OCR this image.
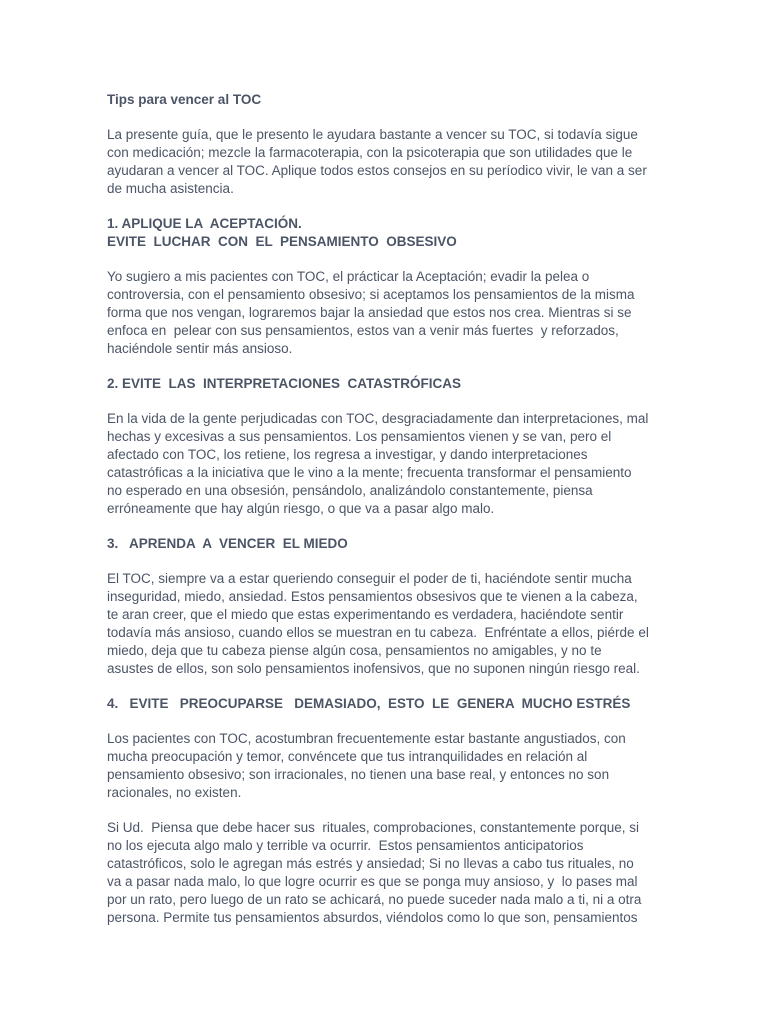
Tips para vencer al TOC
La presente guía, que le presento le ayudara bastante a vencer su TOC, si todavía sigue
con medicación; mezcle la farmacoterapia, con la psicoterapia que son utilidades que le
ayudaran a vencer al TOC. Aplique todos estos consejos en su períodico vivir, le van a ser
de mucha asistencia.
1. APLIQUE LA  ACEPTACIÓN.
EVITE  LUCHAR  CON  EL  PENSAMIENTO  OBSESIVO
Yo sugiero a mis pacientes con TOC, el prácticar la Aceptación; evadir la pelea o
controversia, con el pensamiento obsesivo; si aceptamos los pensamientos de la misma
forma que nos vengan, lograremos bajar la ansiedad que estos nos crea. Mientras si se
enfoca en  pelear con sus pensamientos, estos van a venir más fuertes  y reforzados,
haciéndole sentir más ansioso.
2. EVITE  LAS  INTERPRETACIONES  CATASTRÓFICAS
En la vida de la gente perjudicadas con TOC, desgraciadamente dan interpretaciones, mal
hechas y excesivas a sus pensamientos. Los pensamientos vienen y se van, pero el
afectado con TOC, los retiene, los regresa a investigar, y dando interpretaciones
catastróficas a la iniciativa que le vino a la mente; frecuenta transformar el pensamiento
no esperado en una obsesión, pensándolo, analizándolo constantemente, piensa
erróneamente que hay algún riesgo, o que va a pasar algo malo.
3.   APRENDA  A  VENCER  EL MIEDO
El TOC, siempre va a estar queriendo conseguir el poder de ti, haciéndote sentir mucha
inseguridad, miedo, ansiedad. Estos pensamientos obsesivos que te vienen a la cabeza,
te aran creer, que el miedo que estas experimentando es verdadera, haciéndote sentir
todavía más ansioso, cuando ellos se muestran en tu cabeza.  Enfréntate a ellos, piérde el
miedo, deja que tu cabeza piense algún cosa, pensamientos no amigables, y no te
asustes de ellos, son solo pensamientos inofensivos, que no suponen ningún riesgo real.
4.   EVITE   PREOCUPARSE   DEMASIADO,  ESTO  LE  GENERA  MUCHO ESTRÉS
Los pacientes con TOC, acostumbran frecuentemente estar bastante angustiados, con
mucha preocupación y temor, convéncete que tus intranquilidades en relación al
pensamiento obsesivo; son irracionales, no tienen una base real, y entonces no son
racionales, no existen.
Si Ud.  Piensa que debe hacer sus  rituales, comprobaciones, constantemente porque, si
no los ejecuta algo malo y terrible va ocurrir.  Estos pensamientos anticipatorios
catastróficos, solo le agregan más estrés y ansiedad; Si no llevas a cabo tus rituales, no
va a pasar nada malo, lo que logre ocurrir es que se ponga muy ansioso, y  lo pases mal
por un rato, pero luego de un rato se achicará, no puede suceder nada malo a ti, ni a otra
persona. Permite tus pensamientos absurdos, viéndolos como lo que son, pensamientos
